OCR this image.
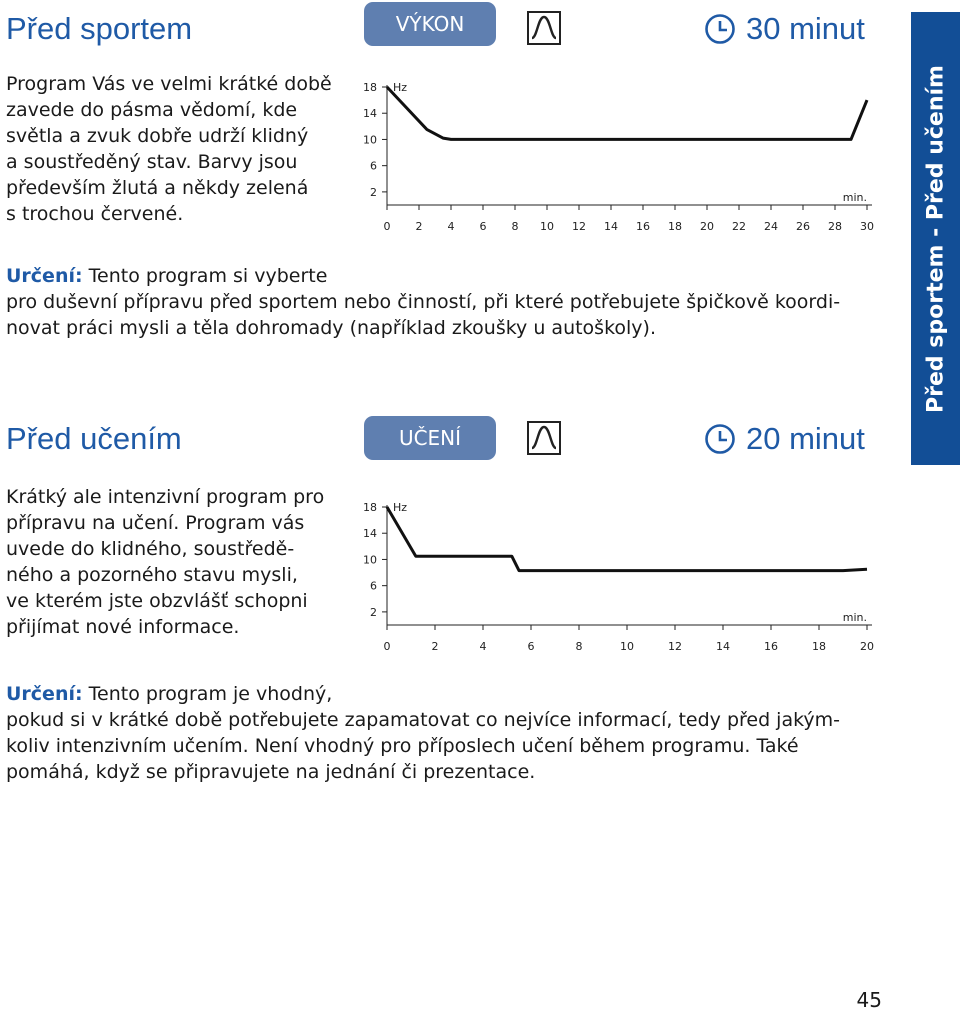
Před sportem	VÝKON	30 minut
Program Vás ve velmi krátké době
zavede do pásma vědomí, kde
světla a zvuk dobře udrží klidný
a soustředěný stav. Barvy jsou
především žlutá a někdy zelená
s trochou červené.
18
14
10
6
2
0 2 4 6 8 10 12 14 16 18 20 22 24 26 28 30
Hz
min.
Určení: Tento program si vyberte
pro duševní přípravu před sportem nebo činností, při které potřebujete špičkově koordi-
novat práci mysli a těla dohromady (například zkoušky u autoškoly).
Před učením	UČENÍ	20 minut
Krátký ale intenzivní program pro
přípravu na učení. Program vás
uvede do klidného, soustředě-
ného a pozorného stavu mysli,
ve kterém jste obzvlášť schopni
přijímat nové informace.
18
14
10
6
2
0	2	4	6	8	10	12	14	16	18	20
Hz
min.
Určení: Tento program je vhodný,
pokud si v krátké době potřebujete zapamatovat co nejvíce informací, tedy před jakým-
koliv intenzivním učením. Není vhodný pro příposlech učení během programu. Také
pomáhá, když se připravujete na jednání či prezentace.
Před sportem - Před učením
45
